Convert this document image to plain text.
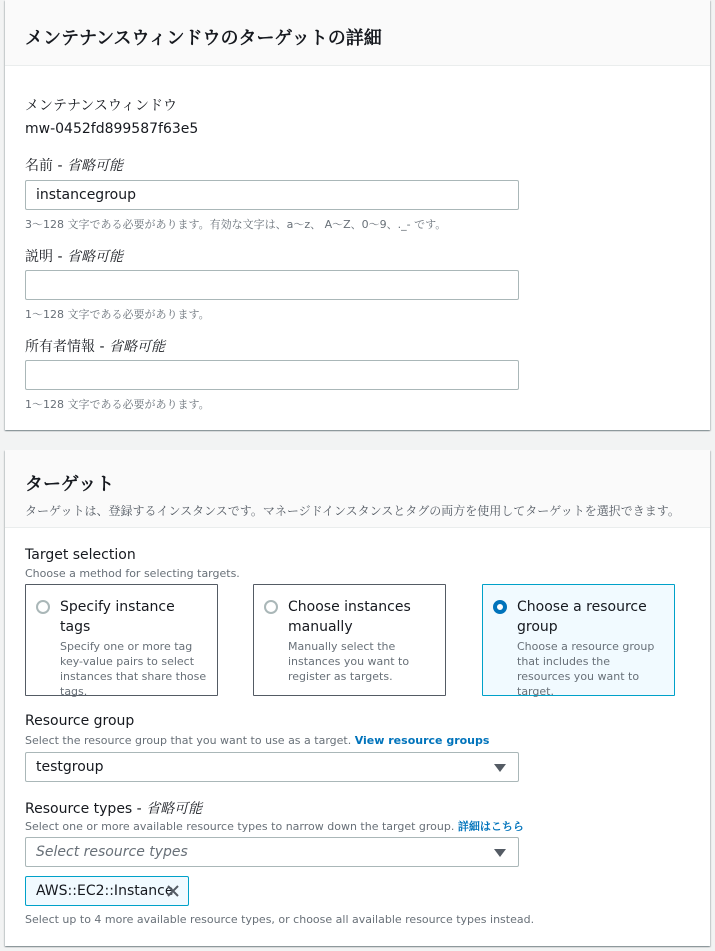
メンテナンスウィンドウのターゲットの詳細
メンテナンスウィンドウ
mw-0452fd899587f63e5
名前 - 省略可能
instancegroup
3〜128 文字である必要があります。有効な文字は、a〜z、 A〜Z、0〜9、._- です。
説明 - 省略可能
1〜128 文字である必要があります。
所有者情報 - 省略可能
1〜128 文字である必要があります。
ターゲット
ターゲットは、登録するインスタンスです。マネージドインスタンスとタグの両方を使用してターゲットを選択できます。
Target selection
Choose a method for selecting targets.
Specify instance tags
Specify one or more tag key-value pairs to select instances that share those tags.
Choose instances manually
Manually select the instances you want to register as targets.
Choose a resource group
Choose a resource group that includes the resources you want to target.
Resource group
Select the resource group that you want to use as a target. View resource groups
testgroup
Resource types - 省略可能
Select one or more available resource types to narrow down the target group. 詳細はこちら
Select resource types
AWS::EC2::Instance
Select up to 4 more available resource types, or choose all available resource types instead.
